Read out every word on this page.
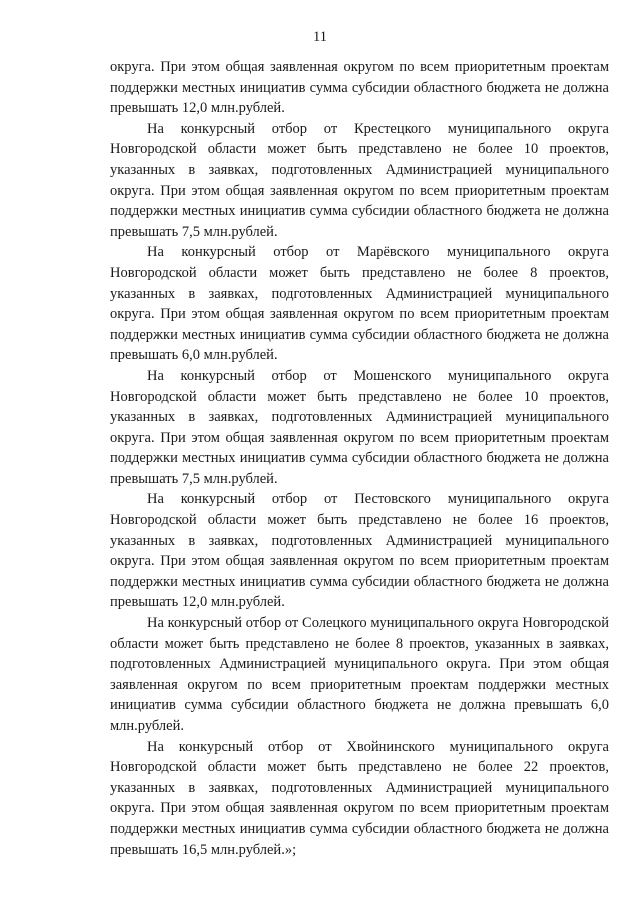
11

округа. При этом общая заявленная округом по всем приоритетным проектам поддержки местных инициатив сумма субсидии областного бюджета не должна превышать 12,0 млн.рублей.

На конкурсный отбор от Крестецкого муниципального округа Новгородской области может быть представлено не более 10 проектов, указанных в заявках, подготовленных Администрацией муниципального округа. При этом общая заявленная округом по всем приоритетным проектам поддержки местных инициатив сумма субсидии областного бюджета не должна превышать 7,5 млн.рублей.

На конкурсный отбор от Марёвского муниципального округа Новгородской области может быть представлено не более 8 проектов, указанных в заявках, подготовленных Администрацией муниципального округа. При этом общая заявленная округом по всем приоритетным проектам поддержки местных инициатив сумма субсидии областного бюджета не должна превышать 6,0 млн.рублей.

На конкурсный отбор от Мошенского муниципального округа Новгородской области может быть представлено не более 10 проектов, указанных в заявках, подготовленных Администрацией муниципального округа. При этом общая заявленная округом по всем приоритетным проектам поддержки местных инициатив сумма субсидии областного бюджета не должна превышать 7,5 млн.рублей.

На конкурсный отбор от Пестовского муниципального округа Новгородской области может быть представлено не более 16 проектов, указанных в заявках, подготовленных Администрацией муниципального округа. При этом общая заявленная округом по всем приоритетным проектам поддержки местных инициатив сумма субсидии областного бюджета не должна превышать 12,0 млн.рублей.

На конкурсный отбор от Солецкого муниципального округа Новгородской области может быть представлено не более 8 проектов, указанных в заявках, подготовленных Администрацией муниципального округа. При этом общая заявленная округом по всем приоритетным проектам поддержки местных инициатив сумма субсидии областного бюджета не должна превышать 6,0 млн.рублей.

На конкурсный отбор от Хвойнинского муниципального округа Новгородской области может быть представлено не более 22 проектов, указанных в заявках, подготовленных Администрацией муниципального округа. При этом общая заявленная округом по всем приоритетным проектам поддержки местных инициатив сумма субсидии областного бюджета не должна превышать 16,5 млн.рублей.»;
